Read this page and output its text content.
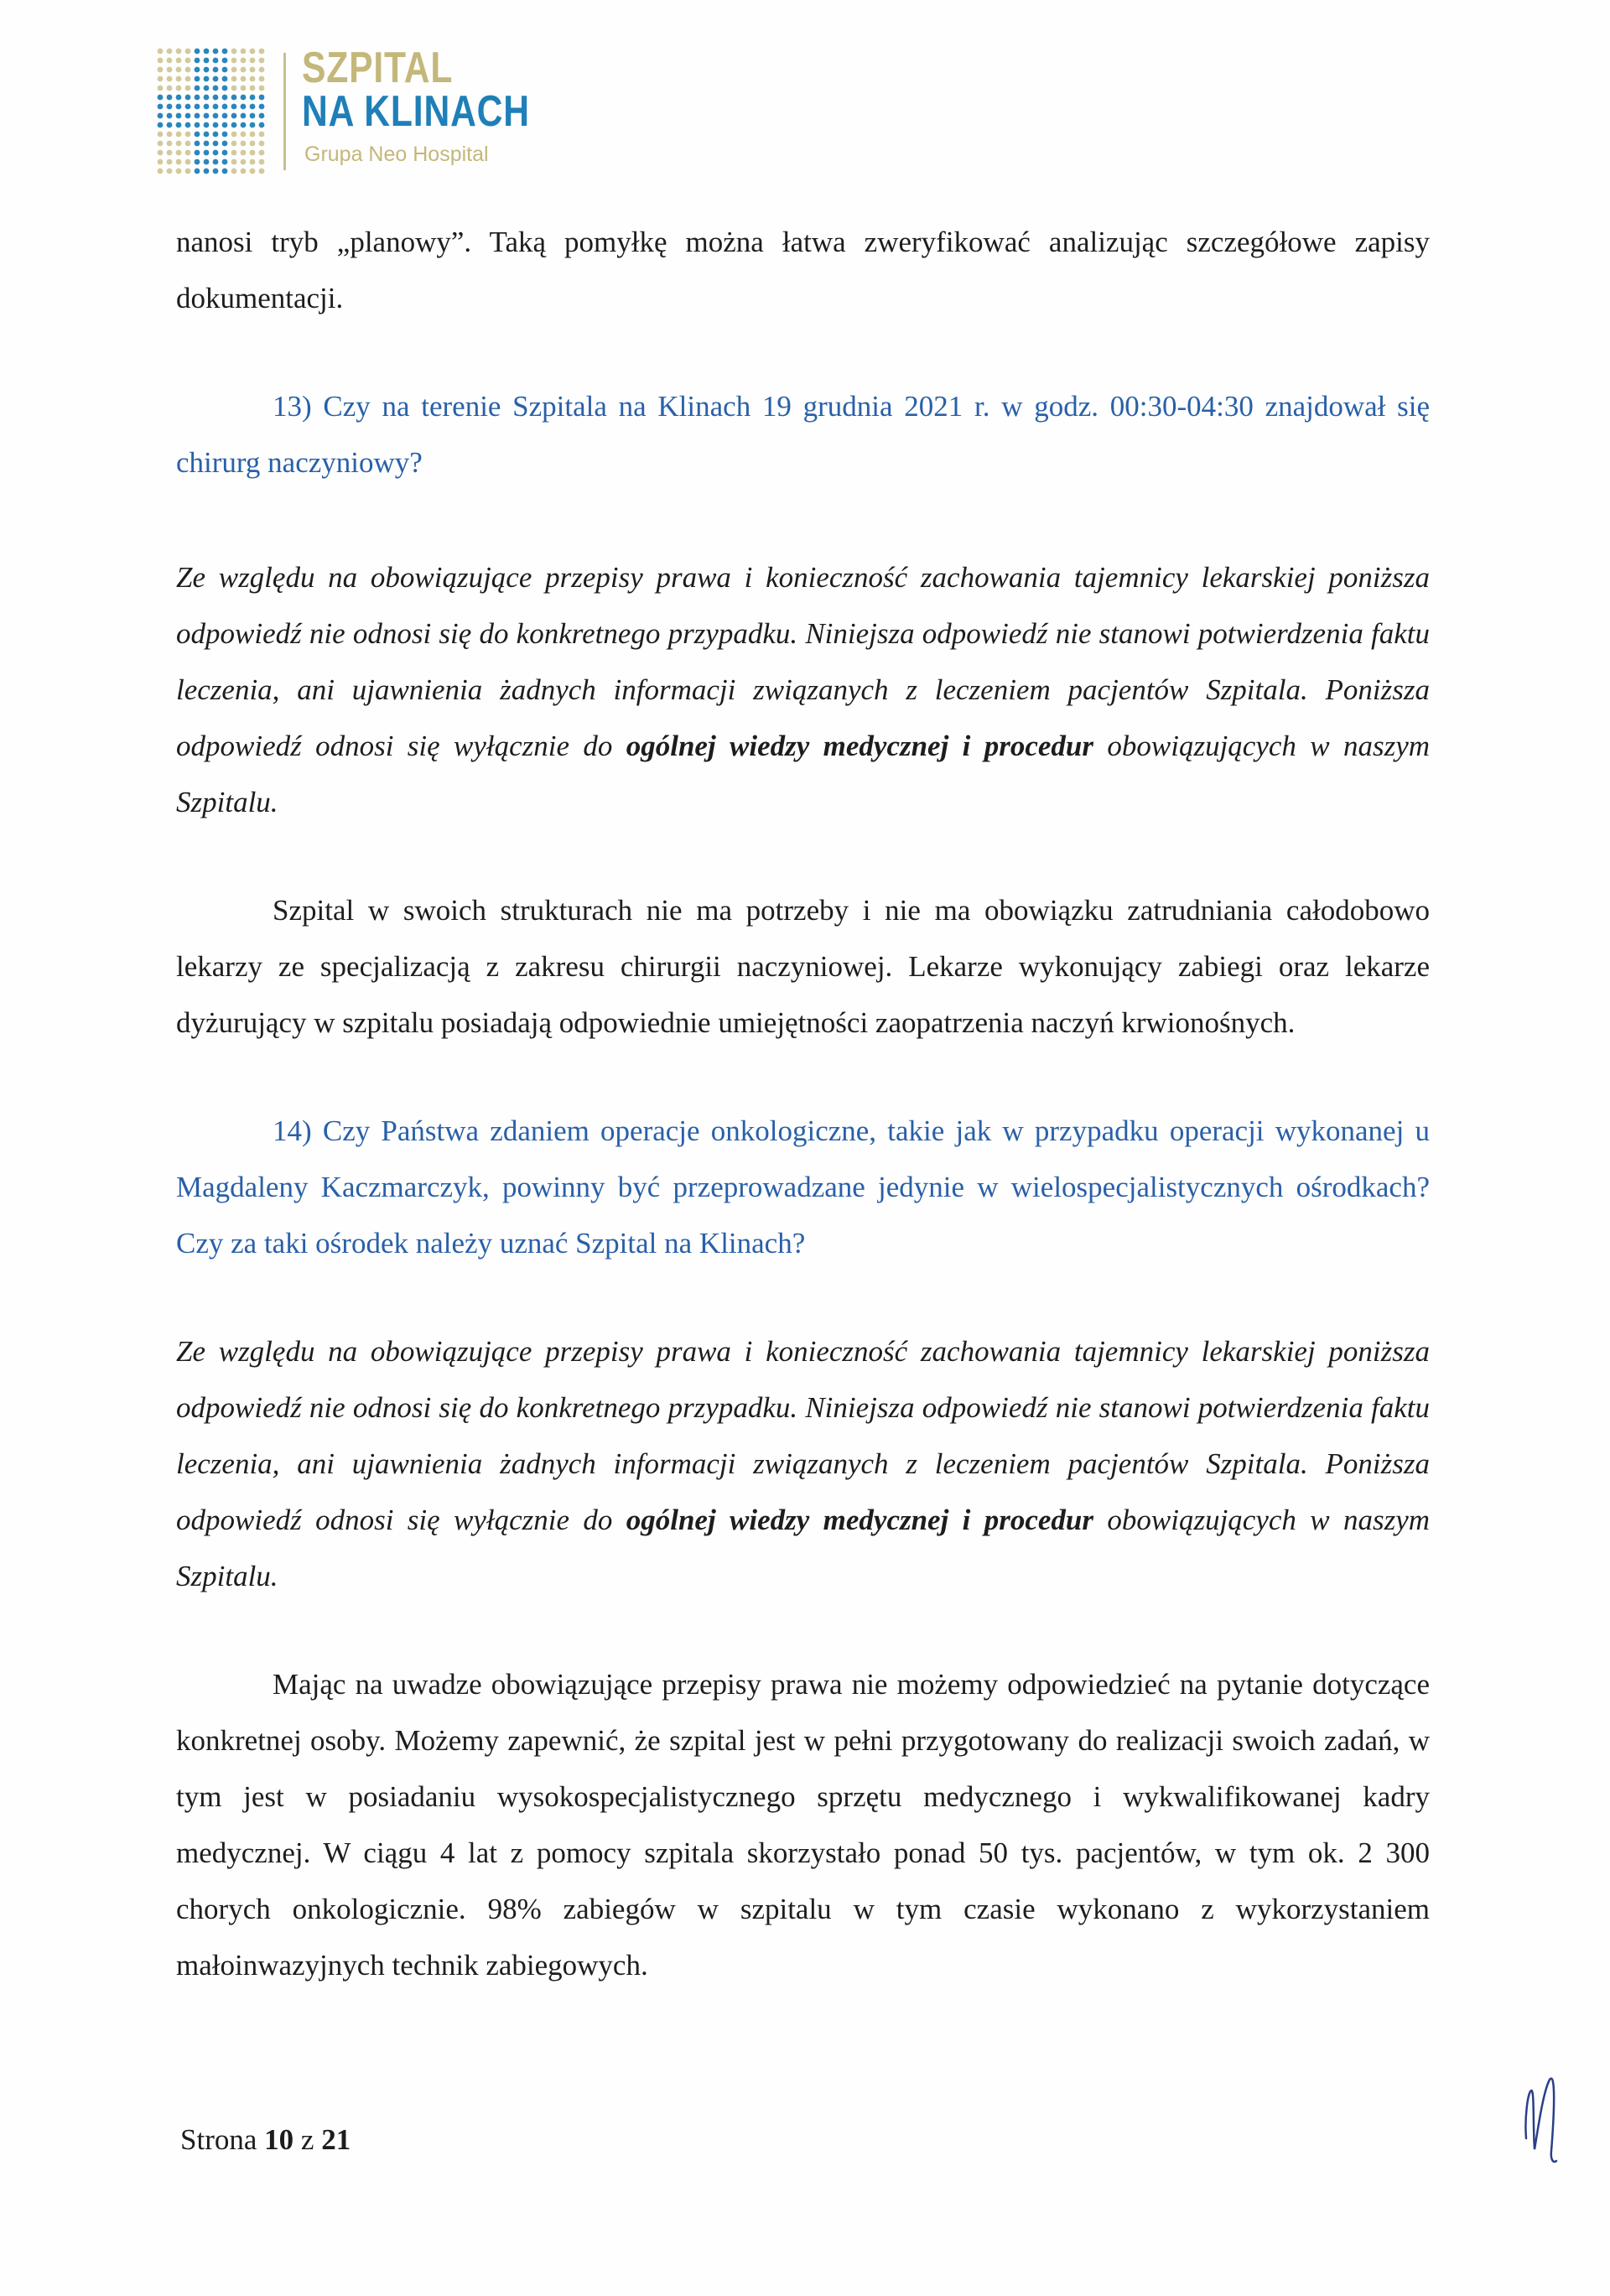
SZPITAL
NA KLINACH
Grupa Neo Hospital

nanosi tryb „planowy”. Taką pomyłkę można łatwa zweryfikować analizując szczegółowe zapisy dokumentacji.

13) Czy na terenie Szpitala na Klinach 19 grudnia 2021 r. w godz. 00:30-04:30 znajdował się chirurg naczyniowy?

Ze względu na obowiązujące przepisy prawa i konieczność zachowania tajemnicy lekarskiej poniższa odpowiedź nie odnosi się do konkretnego przypadku. Niniejsza odpowiedź nie stanowi potwierdzenia faktu leczenia, ani ujawnienia żadnych informacji związanych z leczeniem pacjentów Szpitala. Poniższa odpowiedź odnosi się wyłącznie do ogólnej wiedzy medycznej i procedur obowiązujących w naszym Szpitalu.

Szpital w swoich strukturach nie ma potrzeby i nie ma obowiązku zatrudniania całodobowo lekarzy ze specjalizacją z zakresu chirurgii naczyniowej. Lekarze wykonujący zabiegi oraz lekarze dyżurujący w szpitalu posiadają odpowiednie umiejętności zaopatrzenia naczyń krwionośnych.

14) Czy Państwa zdaniem operacje onkologiczne, takie jak w przypadku operacji wykonanej u Magdaleny Kaczmarczyk, powinny być przeprowadzane jedynie w wielospecjalistycznych ośrodkach? Czy za taki ośrodek należy uznać Szpital na Klinach?

Ze względu na obowiązujące przepisy prawa i konieczność zachowania tajemnicy lekarskiej poniższa odpowiedź nie odnosi się do konkretnego przypadku. Niniejsza odpowiedź nie stanowi potwierdzenia faktu leczenia, ani ujawnienia żadnych informacji związanych z leczeniem pacjentów Szpitala. Poniższa odpowiedź odnosi się wyłącznie do ogólnej wiedzy medycznej i procedur obowiązujących w naszym Szpitalu.

Mając na uwadze obowiązujące przepisy prawa nie możemy odpowiedzieć na pytanie dotyczące konkretnej osoby. Możemy zapewnić, że szpital jest w pełni przygotowany do realizacji swoich zadań, w tym jest w posiadaniu wysokospecjalistycznego sprzętu medycznego i wykwalifikowanej kadry medycznej. W ciągu 4 lat z pomocy szpitala skorzystało ponad 50 tys. pacjentów, w tym ok. 2 300 chorych onkologicznie. 98% zabiegów w szpitalu w tym czasie wykonano z wykorzystaniem małoinwazyjnych technik zabiegowych.

Strona 10 z 21
